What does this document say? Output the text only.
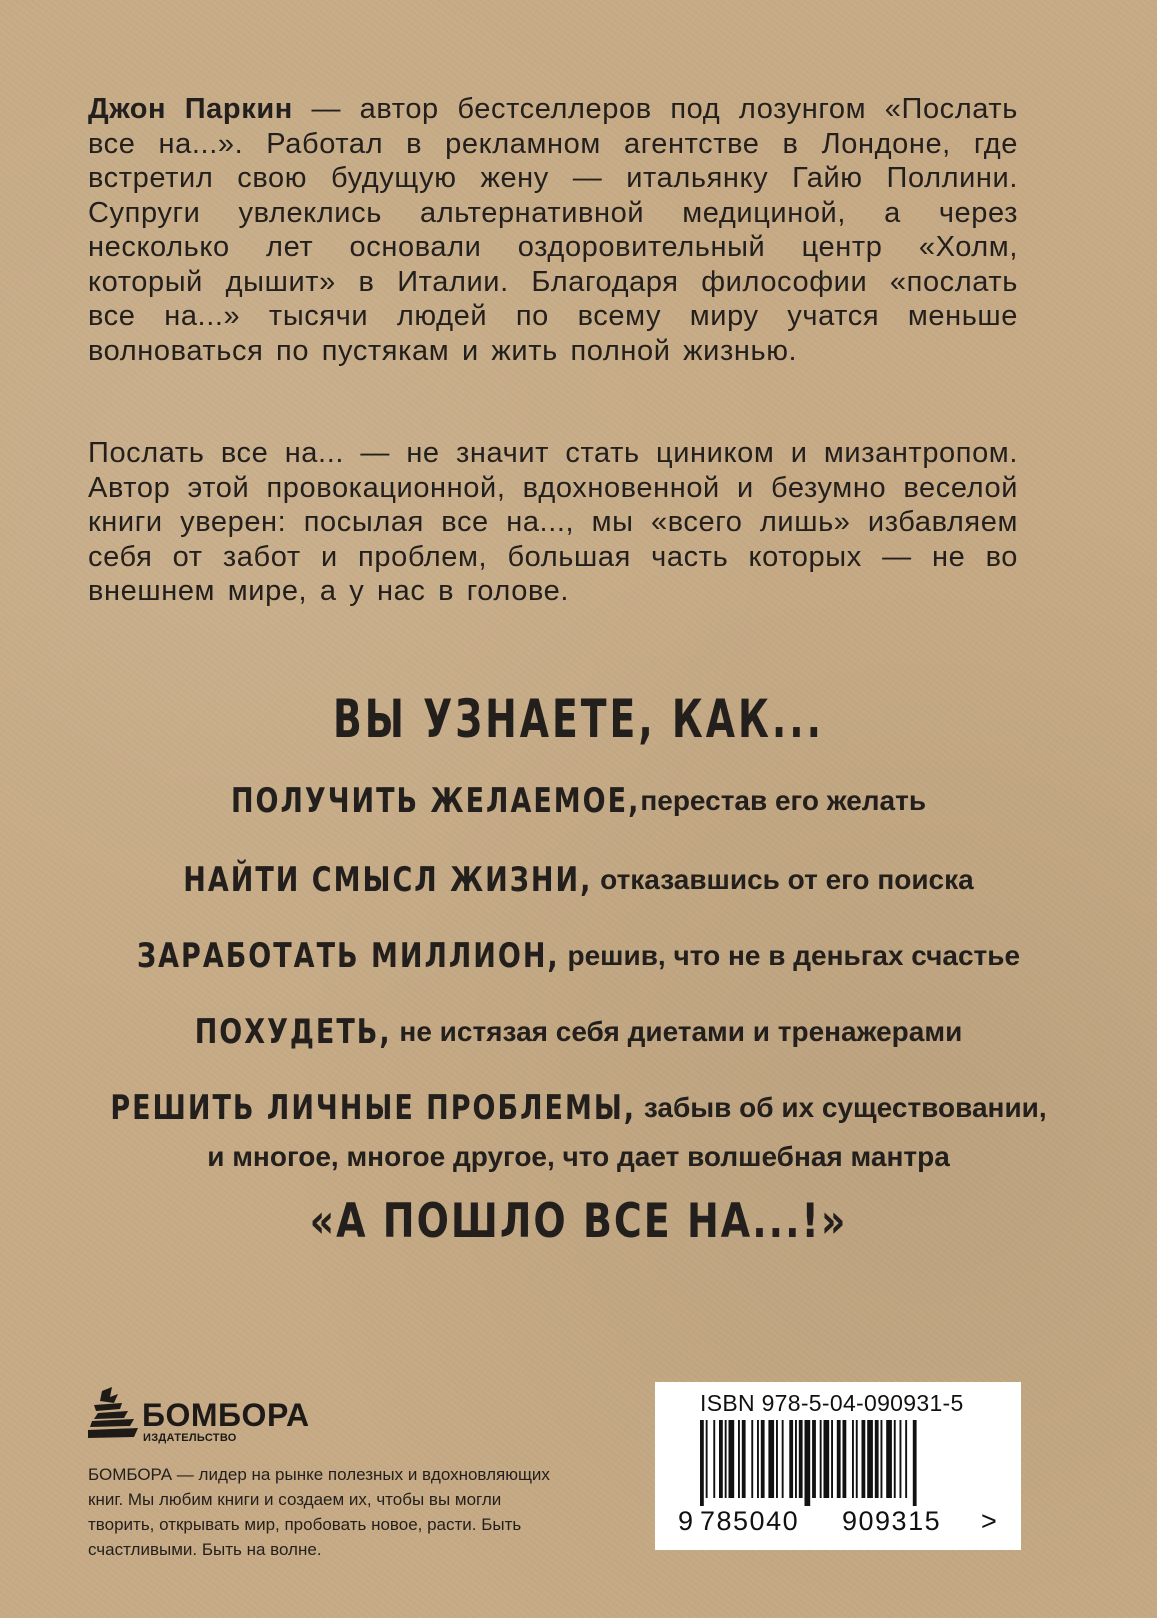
Джон Паркин — автор бестселлеров под лозунгом «Послать все на...». Работал в рекламном агентстве в Лондоне, где встретил свою будущую жену — итальянку Гайю Поллини. Супруги увлеклись альтернативной медициной, а через несколько лет основали оздоровительный центр «Холм, который дышит» в Италии. Благодаря философии «послать все на...» тысячи людей по всему миру учатся меньше волноваться по пустякам и жить полной жизнью.

Послать все на... — не значит стать циником и мизантропом. Автор этой провокационной, вдохновенной и безумно веселой книги уверен: посылая все на..., мы «всего лишь» избавляем себя от забот и проблем, большая часть которых — не во внешнем мире, а у нас в голове.

ВЫ УЗНАЕТЕ, КАК...

ПОЛУЧИТЬ ЖЕЛАЕМОЕ,перестав его желать

НАЙТИ СМЫСЛ ЖИЗНИ, отказавшись от его поиска

ЗАРАБОТАТЬ МИЛЛИОН, решив, что не в деньгах счастье

ПОХУДЕТЬ, не истязая себя диетами и тренажерами

РЕШИТЬ ЛИЧНЫЕ ПРОБЛЕМЫ, забыв об их существовании,

и многое, многое другое, что дает волшебная мантра

«А ПОШЛО ВСЕ НА...!»

БОМБОРА
ИЗДАТЕЛЬСТВО

БОМБОРА — лидер на рынке полезных и вдохновляющих книг. Мы любим книги и создаем их, чтобы вы могли творить, открывать мир, пробовать новое, расти. Быть счастливыми. Быть на волне.

ISBN 978-5-04-090931-5
9 785040 909315 >
